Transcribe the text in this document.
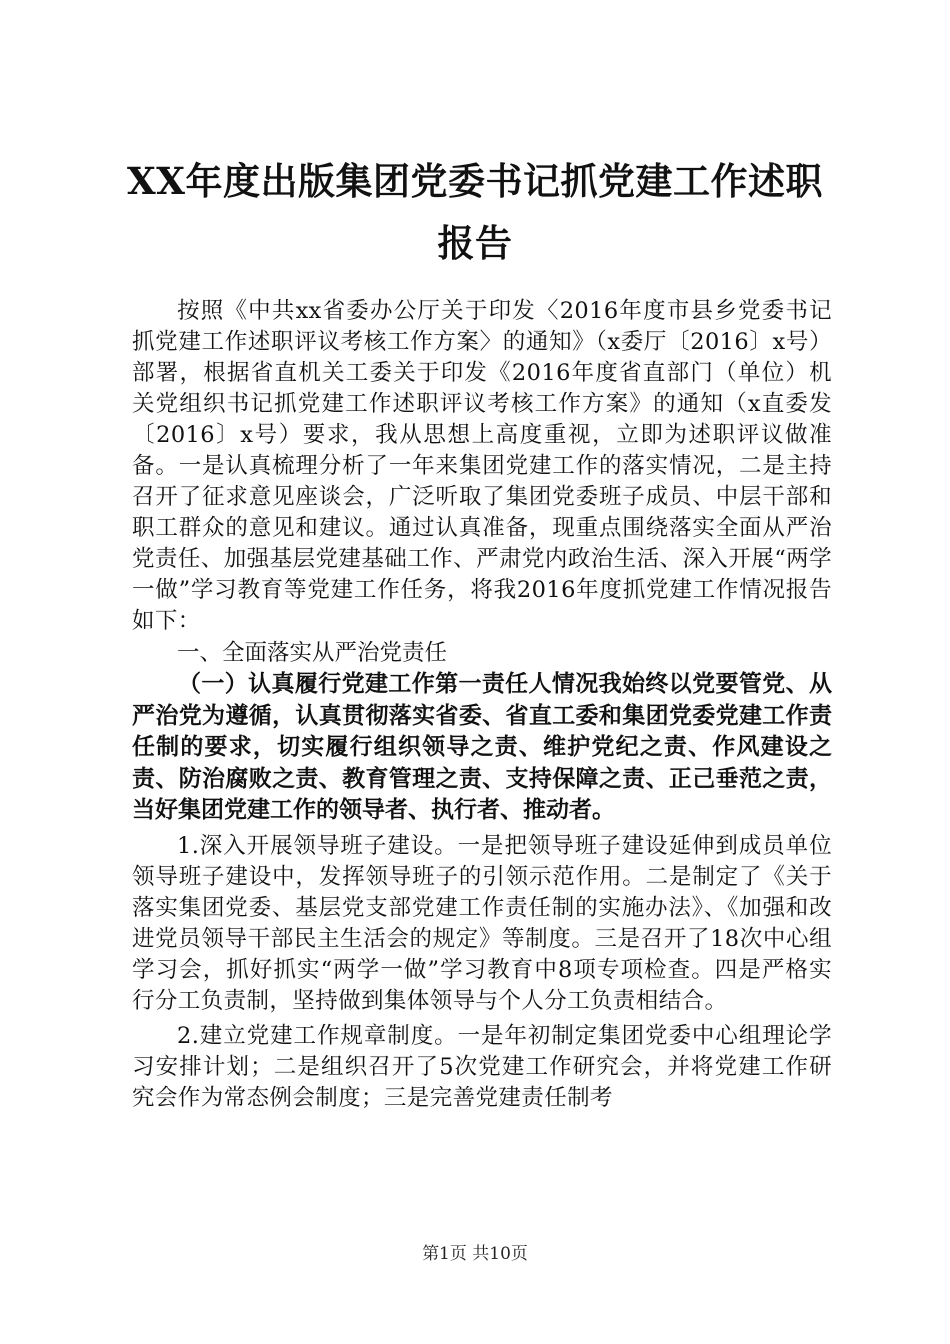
XX年度出版集团党委书记抓党建工作述职报告

按照《中共xx省委办公厅关于印发〈2016年度市县乡党委书记抓党建工作述职评议考核工作方案〉的通知》（x委厅〔2016〕x号）部署，根据省直机关工委关于印发《2016年度省直部门（单位）机关党组织书记抓党建工作述职评议考核工作方案》的通知（x直委发〔2016〕x号）要求，我从思想上高度重视，立即为述职评议做准备。一是认真梳理分析了一年来集团党建工作的落实情况，二是主持召开了征求意见座谈会，广泛听取了集团党委班子成员、中层干部和职工群众的意见和建议。通过认真准备，现重点围绕落实全面从严治党责任、加强基层党建基础工作、严肃党内政治生活、深入开展“两学一做”学习教育等党建工作任务，将我2016年度抓党建工作情况报告如下：

一、全面落实从严治党责任

（一）认真履行党建工作第一责任人情况我始终以党要管党、从严治党为遵循，认真贯彻落实省委、省直工委和集团党委党建工作责任制的要求，切实履行组织领导之责、维护党纪之责、作风建设之责、防治腐败之责、教育管理之责、支持保障之责、正己垂范之责，当好集团党建工作的领导者、执行者、推动者。

1.深入开展领导班子建设。一是把领导班子建设延伸到成员单位领导班子建设中，发挥领导班子的引领示范作用。二是制定了《关于落实集团党委、基层党支部党建工作责任制的实施办法》、《加强和改进党员领导干部民主生活会的规定》等制度。三是召开了18次中心组学习会，抓好抓实“两学一做”学习教育中8项专项检查。四是严格实行分工负责制，坚持做到集体领导与个人分工负责相结合。

2.建立党建工作规章制度。一是年初制定集团党委中心组理论学习安排计划；二是组织召开了5次党建工作研究会，并将党建工作研究会作为常态例会制度；三是完善党建责任制考

第1页 共10页
